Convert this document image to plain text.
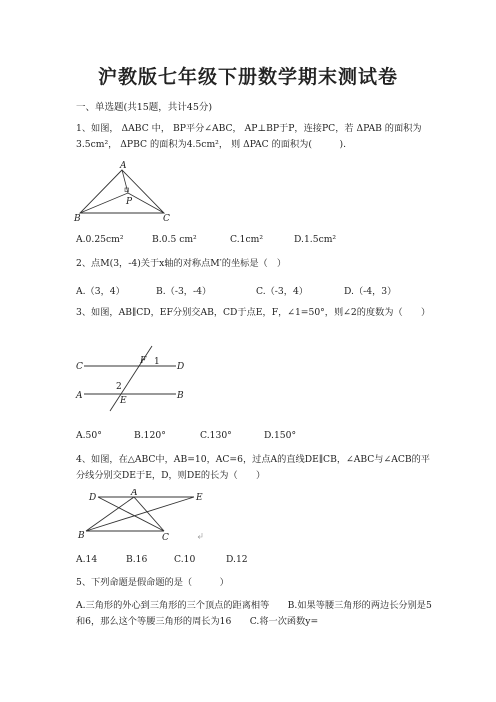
沪教版七年级下册数学期末测试卷
一、单选题(共15题，共计45分)
1、如图， ΔABC 中， BP平分∠ABC， AP⊥BP于P，连接PC，若 ΔPAB 的面积为3.5cm²， ΔPBC 的面积为4.5cm²， 则 ΔPAC 的面积为(　　　).
A
B	C
P
A.0.25cm²	B.0.5 cm²	C.1cm²	D.1.5cm²
2、点M(3，-4)关于x轴的对称点M′的坐标是（　）
A.（3，4）	B.（-3，-4）	C.（-3，4）	D.（-4，3）
3、如图，AB∥CD，EF分别交AB，CD于点E，F，∠1=50°，则∠2的度数为（　　）
C	D
A	B
F 1
2
E
A.50°	B.120°	C.130°	D.150°
4、如图，在△ABC中，AB=10，AC=6，过点A的直线DE∥CB，∠ABC与∠ACB的平分线分别交DE于E，D，则DE的长为（　　）
D	A	E
B	C
A.14	B.16	C.10	D.12
5、下列命题是假命题的是（　　　）
A.三角形的外心到三角形的三个顶点的距离相等　　B.如果等腰三角形的两边长分别是5和6，那么这个等腰三角形的周长为16　　C.将一次函数y=
